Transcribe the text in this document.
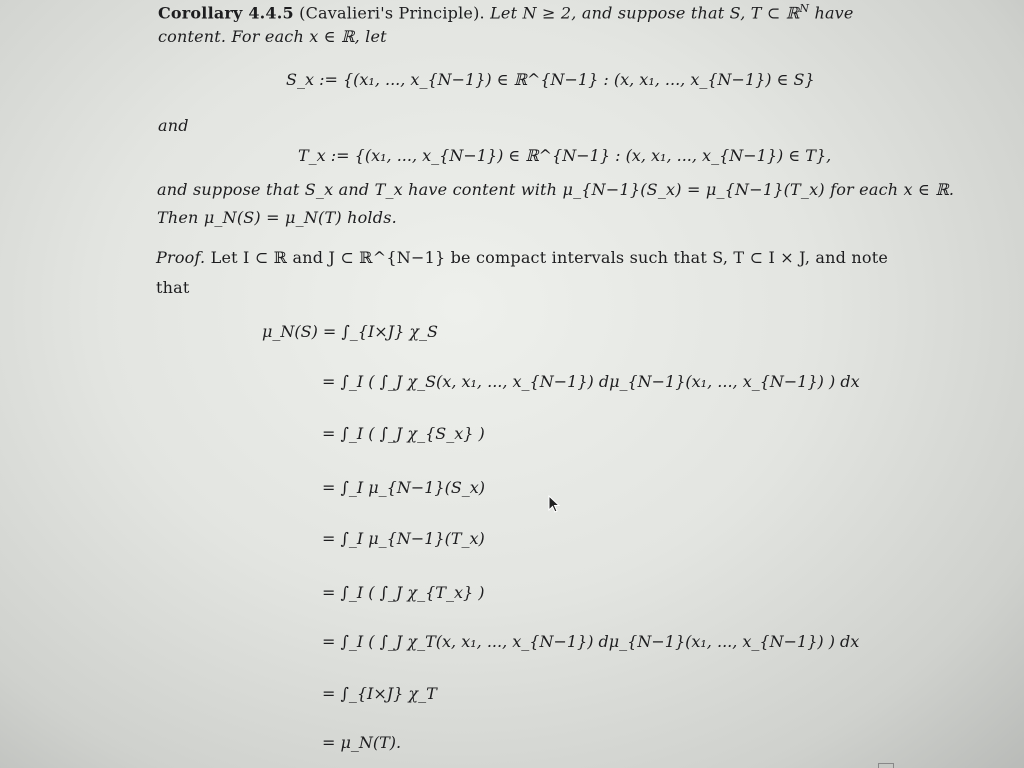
Corollary 4.4.5 (Cavalieri's Principle). Let N ≥ 2, and suppose that S, T ⊂ ℝ$^N$ have
content. For each x ∈ ℝ, let
S_x := {(x₁, ..., x_{N−1}) ∈ ℝ^{N−1} : (x, x₁, ..., x_{N−1}) ∈ S}
and
T_x := {(x₁, ..., x_{N−1}) ∈ ℝ^{N−1} : (x, x₁, ..., x_{N−1}) ∈ T},
and suppose that S_x and T_x have content with μ_{N−1}(S_x) = μ_{N−1}(T_x) for each x ∈ ℝ.
Then μ_N(S) = μ_N(T) holds.
Proof. Let I ⊂ ℝ and J ⊂ ℝ^{N−1} be compact intervals such that S, T ⊂ I × J, and note
that
μ_N(S) = ∫_{I×J} χ_S
= ∫_I ( ∫_J χ_S(x, x₁, ..., x_{N−1}) dμ_{N−1}(x₁, ..., x_{N−1}) ) dx
= ∫_I ( ∫_J χ_{S_x} )
= ∫_I μ_{N−1}(S_x)
= ∫_I μ_{N−1}(T_x)
= ∫_I ( ∫_J χ_{T_x} )
= ∫_I ( ∫_J χ_T(x, x₁, ..., x_{N−1}) dμ_{N−1}(x₁, ..., x_{N−1}) ) dx
= ∫_{I×J} χ_T
= μ_N(T).
